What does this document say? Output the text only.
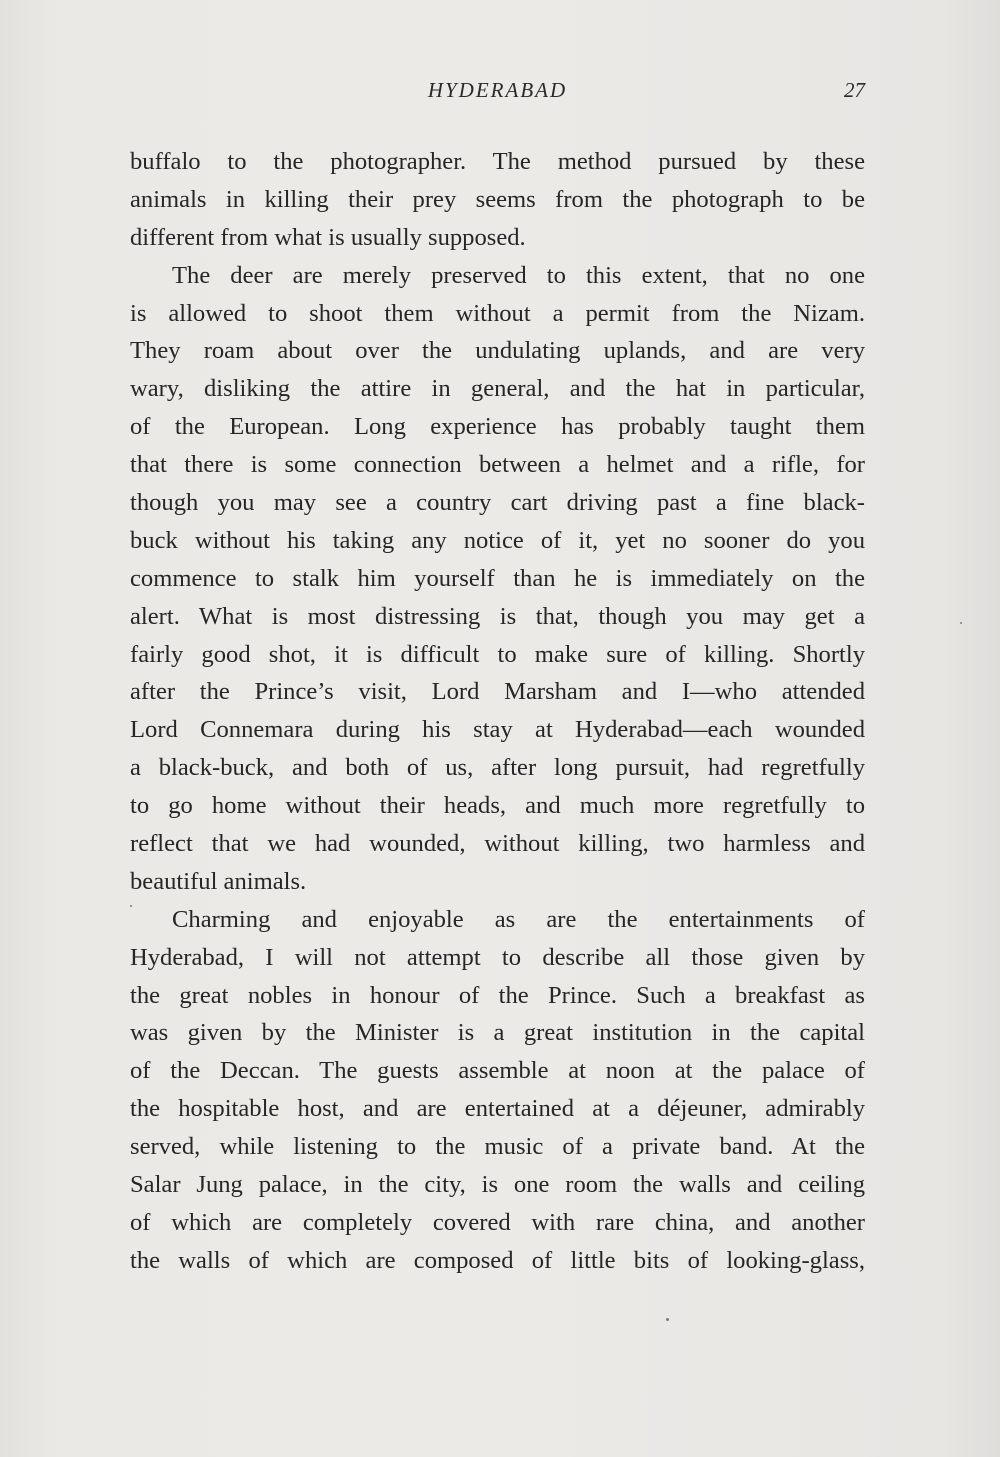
HYDERABAD	27
buffalo to the photographer. The method pursued by these
animals in killing their prey seems from the photograph to be
different from what is usually supposed.
The deer are merely preserved to this extent, that no one
is allowed to shoot them without a permit from the Nizam.
They roam about over the undulating uplands, and are very
wary, disliking the attire in general, and the hat in particular,
of the European. Long experience has probably taught them
that there is some connection between a helmet and a rifle, for
though you may see a country cart driving past a fine black-
buck without his taking any notice of it, yet no sooner do you
commence to stalk him yourself than he is immediately on the
alert. What is most distressing is that, though you may get a
fairly good shot, it is difficult to make sure of killing. Shortly
after the Prince’s visit, Lord Marsham and I—who attended
Lord Connemara during his stay at Hyderabad—each wounded
a black-buck, and both of us, after long pursuit, had regretfully
to go home without their heads, and much more regretfully to
reflect that we had wounded, without killing, two harmless and
beautiful animals.
Charming and enjoyable as are the entertainments of
Hyderabad, I will not attempt to describe all those given by
the great nobles in honour of the Prince. Such a breakfast as
was given by the Minister is a great institution in the capital
of the Deccan. The guests assemble at noon at the palace of
the hospitable host, and are entertained at a déjeuner, admirably
served, while listening to the music of a private band. At the
Salar Jung palace, in the city, is one room the walls and ceiling
of which are completely covered with rare china, and another
the walls of which are composed of little bits of looking-glass,
